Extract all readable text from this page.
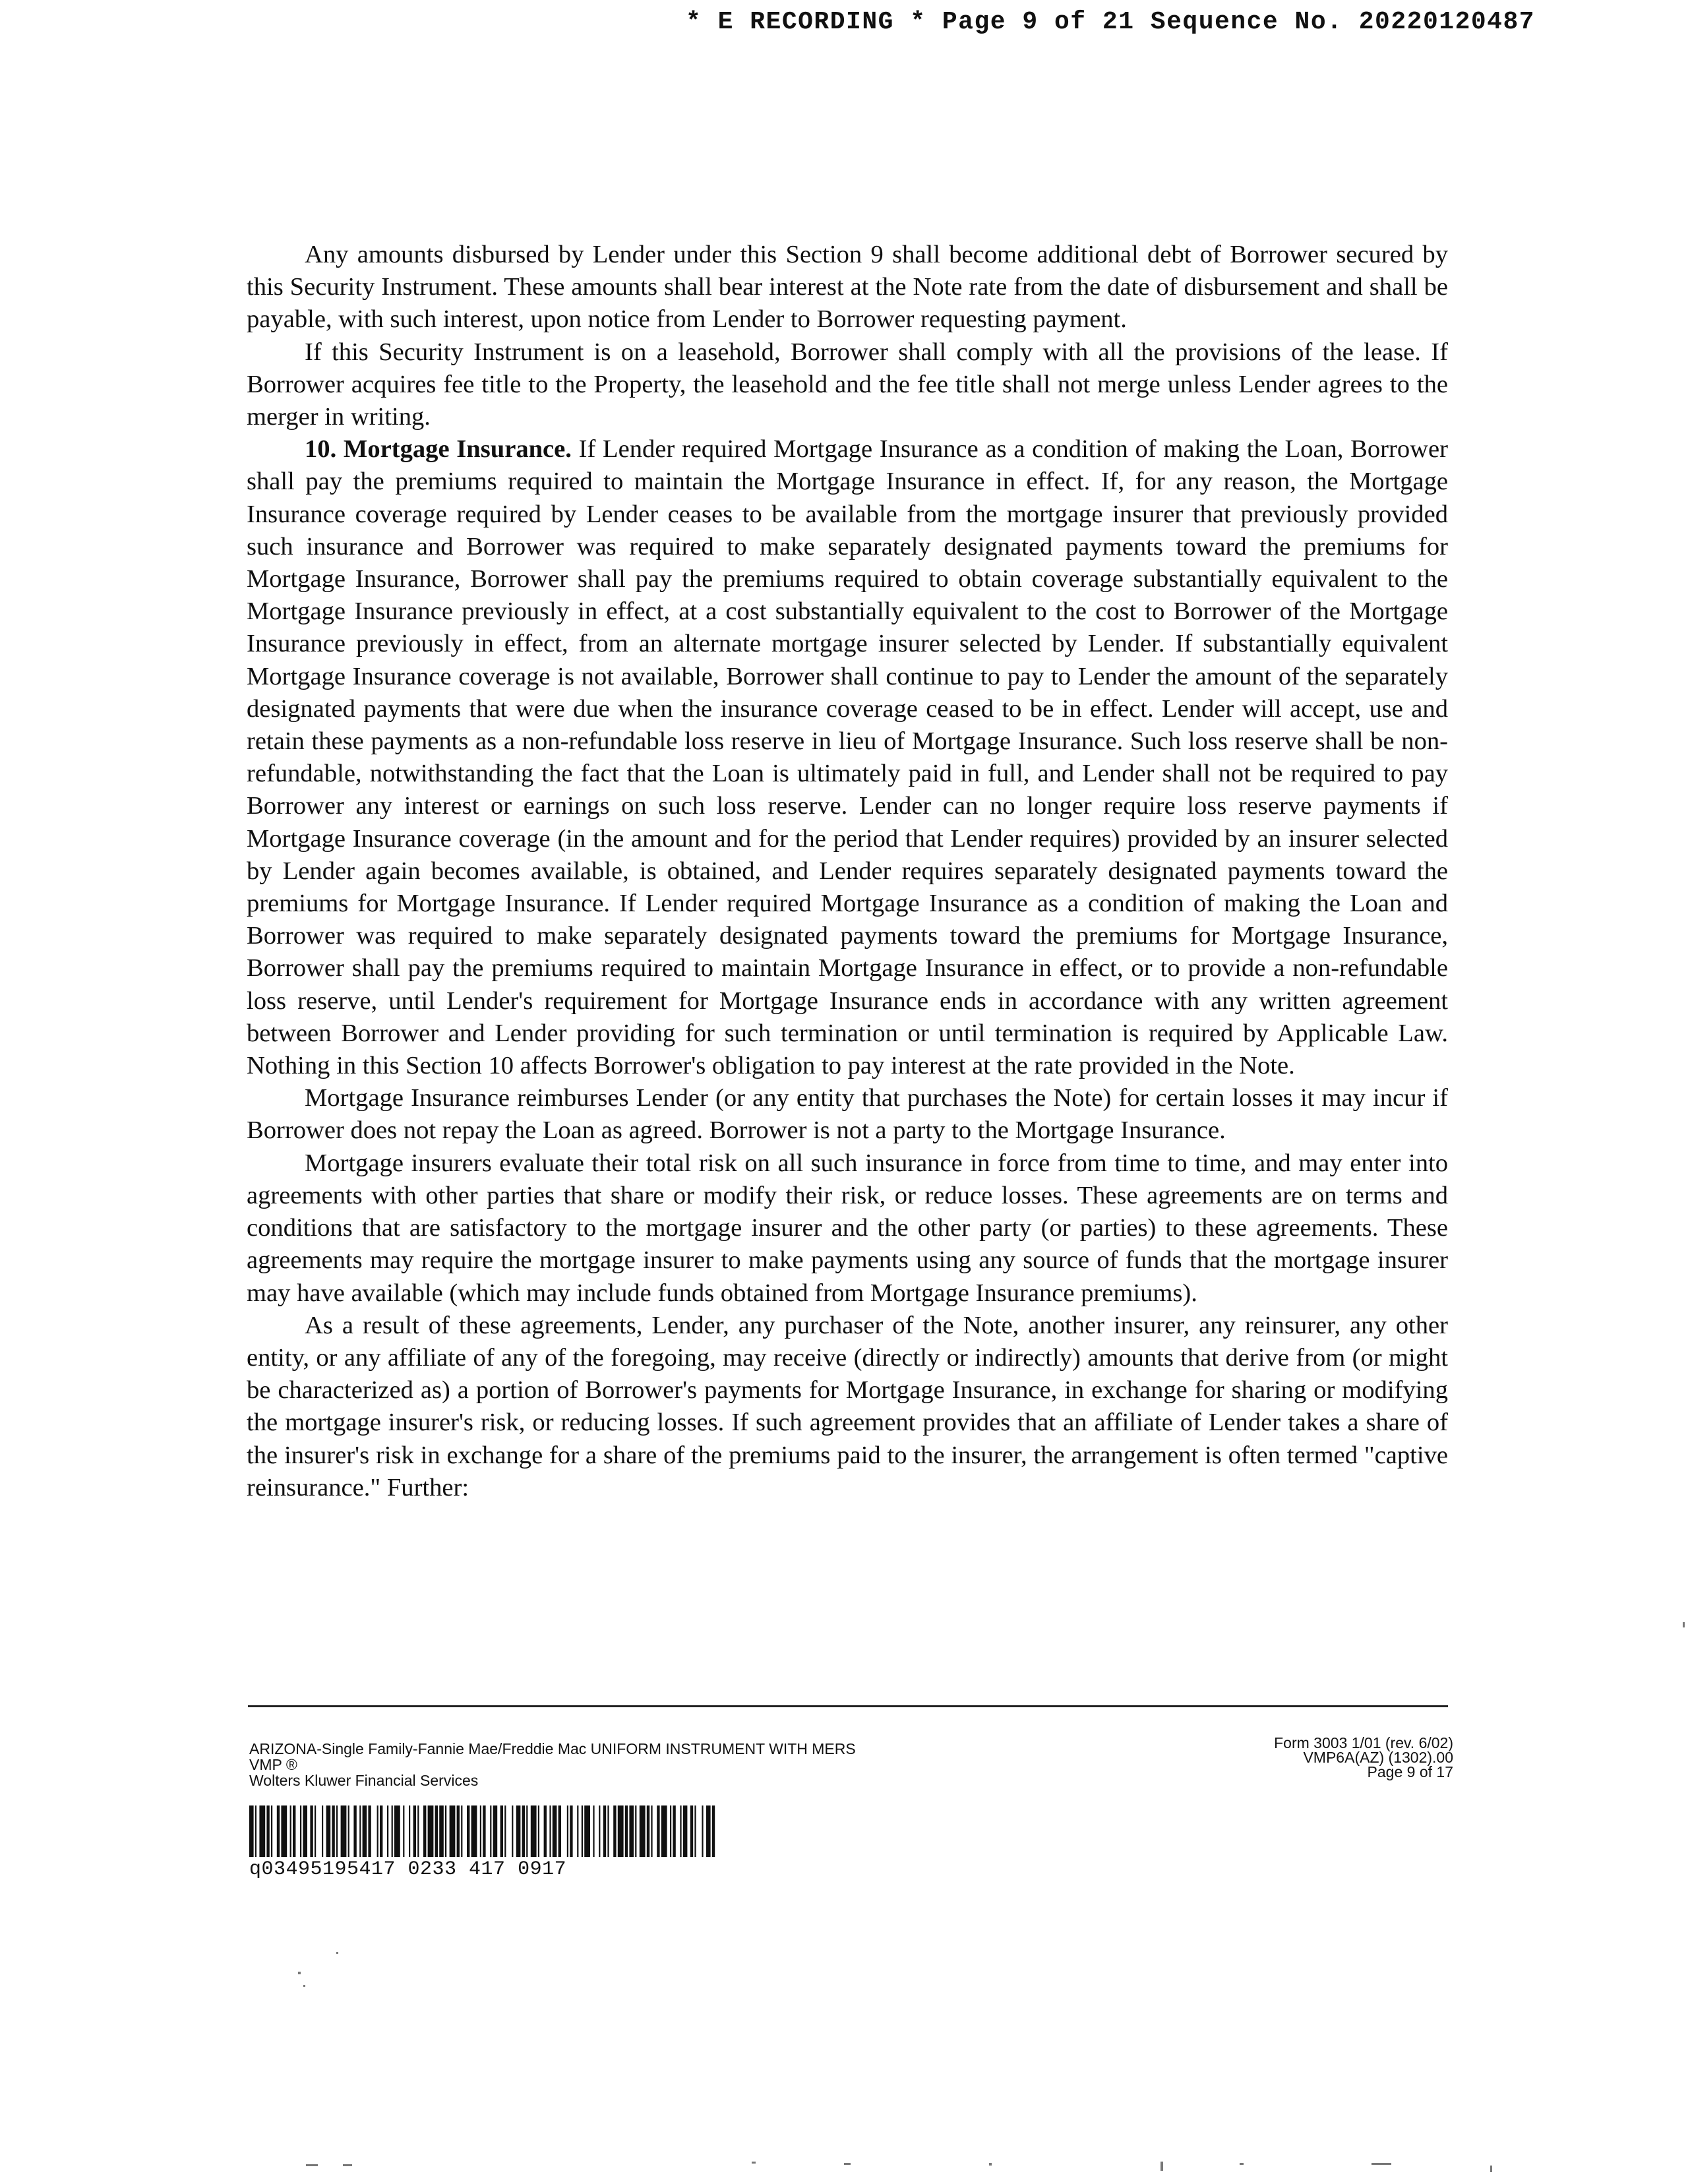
* E RECORDING * Page 9 of 21 Sequence No. 20220120487

Any amounts disbursed by Lender under this Section 9 shall become additional debt of Borrower secured by this Security Instrument. These amounts shall bear interest at the Note rate from the date of disbursement and shall be payable, with such interest, upon notice from Lender to Borrower requesting payment.

If this Security Instrument is on a leasehold, Borrower shall comply with all the provisions of the lease. If Borrower acquires fee title to the Property, the leasehold and the fee title shall not merge unless Lender agrees to the merger in writing.

10. Mortgage Insurance. If Lender required Mortgage Insurance as a condition of making the Loan, Borrower shall pay the premiums required to maintain the Mortgage Insurance in effect. If, for any reason, the Mortgage Insurance coverage required by Lender ceases to be available from the mortgage insurer that previously provided such insurance and Borrower was required to make separately designated payments toward the premiums for Mortgage Insurance, Borrower shall pay the premiums required to obtain coverage substantially equivalent to the Mortgage Insurance previously in effect, at a cost substantially equivalent to the cost to Borrower of the Mortgage Insurance previously in effect, from an alternate mortgage insurer selected by Lender. If substantially equivalent Mortgage Insurance coverage is not available, Borrower shall continue to pay to Lender the amount of the separately designated payments that were due when the insurance coverage ceased to be in effect. Lender will accept, use and retain these payments as a non-refundable loss reserve in lieu of Mortgage Insurance. Such loss reserve shall be non-refundable, notwithstanding the fact that the Loan is ultimately paid in full, and Lender shall not be required to pay Borrower any interest or earnings on such loss reserve. Lender can no longer require loss reserve payments if Mortgage Insurance coverage (in the amount and for the period that Lender requires) provided by an insurer selected by Lender again becomes available, is obtained, and Lender requires separately designated payments toward the premiums for Mortgage Insurance. If Lender required Mortgage Insurance as a condition of making the Loan and Borrower was required to make separately designated payments toward the premiums for Mortgage Insurance, Borrower shall pay the premiums required to maintain Mortgage Insurance in effect, or to provide a non-refundable loss reserve, until Lender's requirement for Mortgage Insurance ends in accordance with any written agreement between Borrower and Lender providing for such termination or until termination is required by Applicable Law. Nothing in this Section 10 affects Borrower's obligation to pay interest at the rate provided in the Note.

Mortgage Insurance reimburses Lender (or any entity that purchases the Note) for certain losses it may incur if Borrower does not repay the Loan as agreed. Borrower is not a party to the Mortgage Insurance.

Mortgage insurers evaluate their total risk on all such insurance in force from time to time, and may enter into agreements with other parties that share or modify their risk, or reduce losses. These agreements are on terms and conditions that are satisfactory to the mortgage insurer and the other party (or parties) to these agreements. These agreements may require the mortgage insurer to make payments using any source of funds that the mortgage insurer may have available (which may include funds obtained from Mortgage Insurance premiums).

As a result of these agreements, Lender, any purchaser of the Note, another insurer, any reinsurer, any other entity, or any affiliate of any of the foregoing, may receive (directly or indirectly) amounts that derive from (or might be characterized as) a portion of Borrower's payments for Mortgage Insurance, in exchange for sharing or modifying the mortgage insurer's risk, or reducing losses. If such agreement provides that an affiliate of Lender takes a share of the insurer's risk in exchange for a share of the premiums paid to the insurer, the arrangement is often termed "captive reinsurance." Further:

ARIZONA-Single Family-Fannie Mae/Freddie Mac UNIFORM INSTRUMENT WITH MERS
VMP ®
Wolters Kluwer Financial Services
Form 3003 1/01 (rev. 6/02)
VMP6A(AZ) (1302).00
Page 9 of 17
q03495195417 0233 417 0917
